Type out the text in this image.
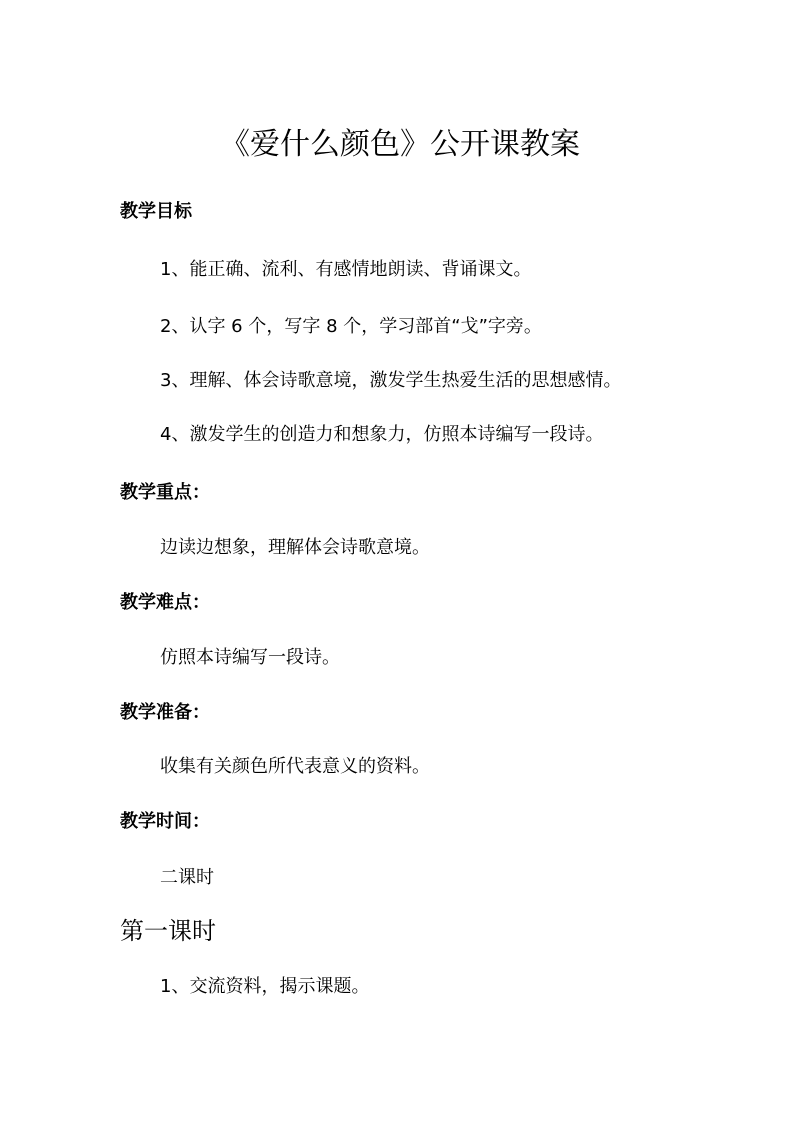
《爱什么颜色》公开课教案
教学目标

1、能正确、流利、有感情地朗读、背诵课文。

2、认字 6 个，写字 8 个，学习部首“戈”字旁。

3、理解、体会诗歌意境，激发学生热爱生活的思想感情。

4、激发学生的创造力和想象力，仿照本诗编写一段诗。

教学重点：

边读边想象，理解体会诗歌意境。

教学难点：

仿照本诗编写一段诗。

教学准备：

收集有关颜色所代表意义的资料。

教学时间：

二课时

第一课时

1、交流资料，揭示课题。
